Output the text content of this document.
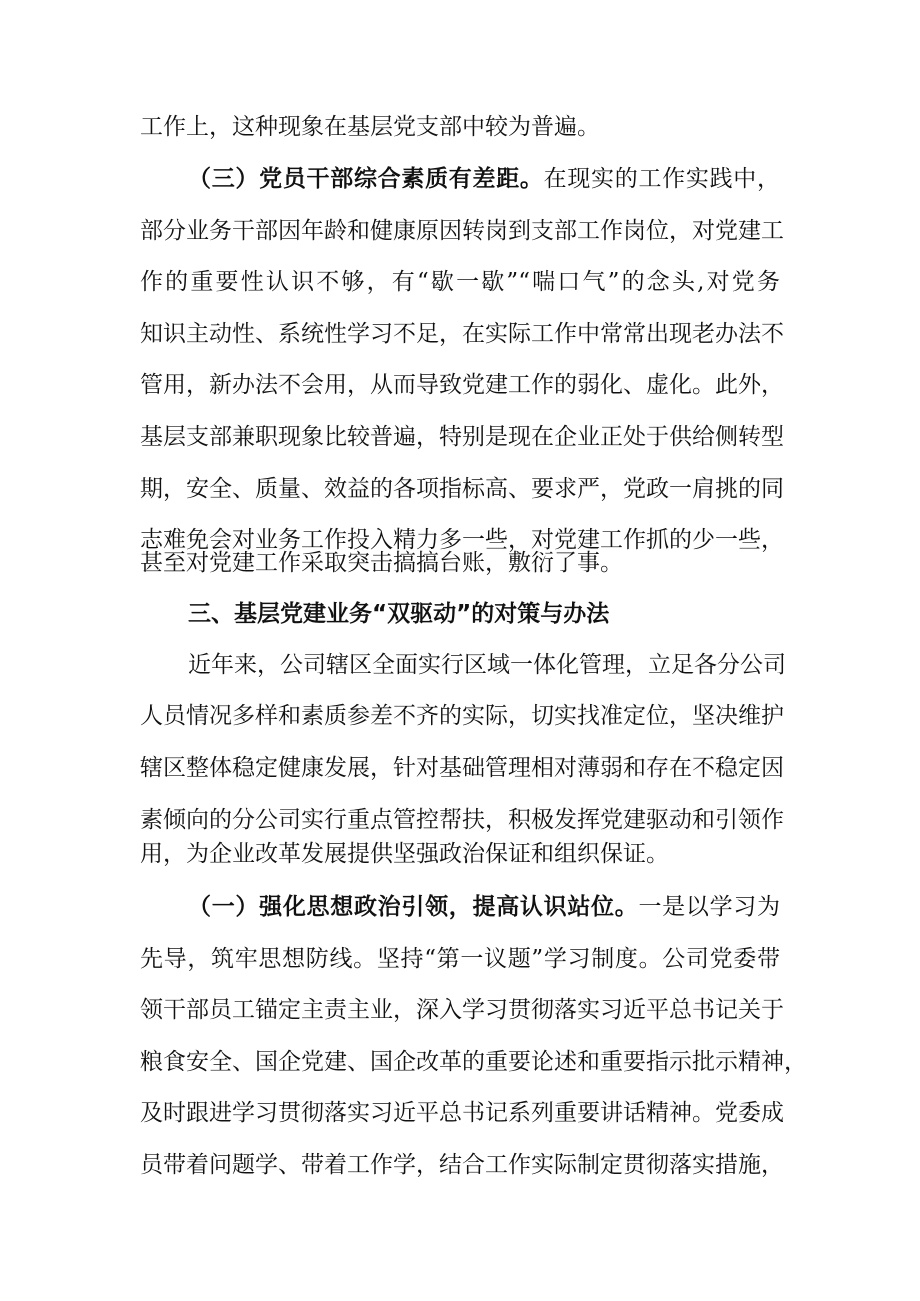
工作上，这种现象在基层党支部中较为普遍。
（三）党员干部综合素质有差距。在现实的工作实践中，
部分业务干部因年龄和健康原因转岗到支部工作岗位，对党建工
作的重要性认识不够，有“歇一歇”“喘口气”的念头,对党务
知识主动性、系统性学习不足，在实际工作中常常出现老办法不
管用，新办法不会用，从而导致党建工作的弱化、虚化。此外，
基层支部兼职现象比较普遍，特别是现在企业正处于供给侧转型
期，安全、质量、效益的各项指标高、要求严，党政一肩挑的同
志难免会对业务工作投入精力多一些，对党建工作抓的少一些，
甚至对党建工作采取突击搞搞台账，敷衍了事。
三、基层党建业务“双驱动”的对策与办法
近年来，公司辖区全面实行区域一体化管理，立足各分公司
人员情况多样和素质参差不齐的实际，切实找准定位，坚决维护
辖区整体稳定健康发展，针对基础管理相对薄弱和存在不稳定因
素倾向的分公司实行重点管控帮扶，积极发挥党建驱动和引领作
用，为企业改革发展提供坚强政治保证和组织保证。
（一）强化思想政治引领，提高认识站位。一是以学习为
先导，筑牢思想防线。坚持“第一议题”学习制度。公司党委带
领干部员工锚定主责主业，深入学习贯彻落实习近平总书记关于
粮食安全、国企党建、国企改革的重要论述和重要指示批示精神，
及时跟进学习贯彻落实习近平总书记系列重要讲话精神。党委成
员带着问题学、带着工作学，结合工作实际制定贯彻落实措施，
